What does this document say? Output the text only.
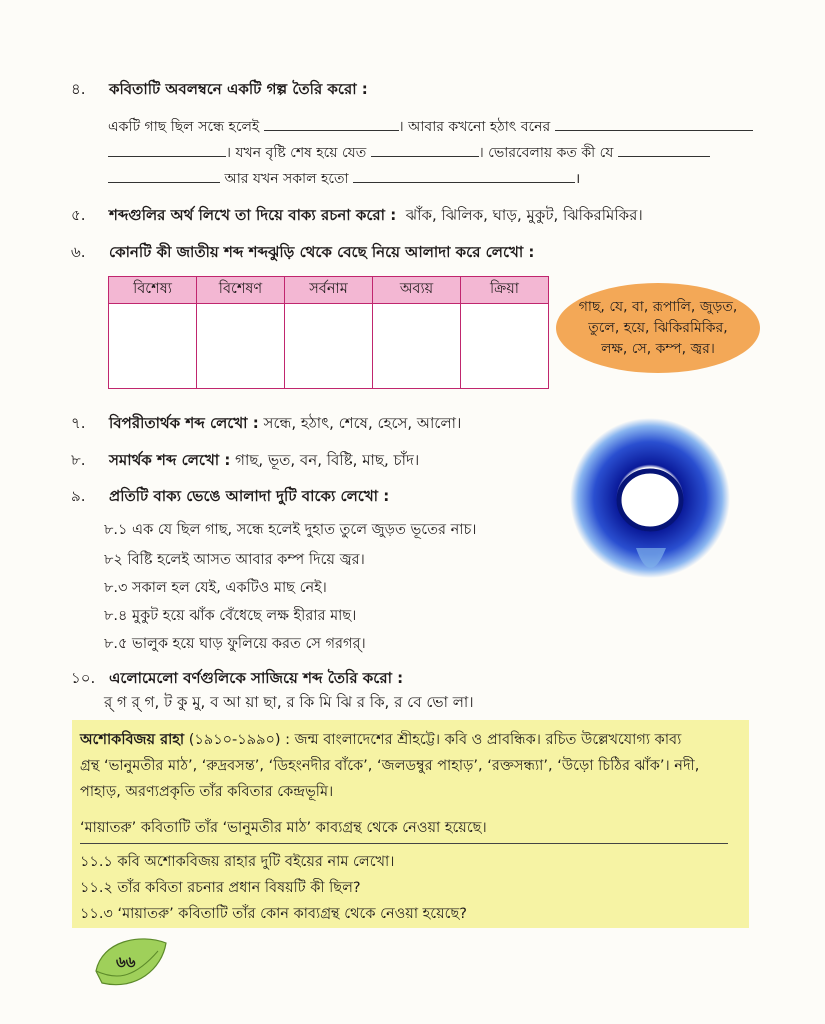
৪. কবিতাটি অবলম্বনে একটি গল্প তৈরি করো :
একটি গাছ ছিল সন্ধে হলেই	। আবার কখনো হঠাৎ বনের
। যখন বৃষ্টি শেষ হয়ে যেত	। ভোরবেলায় কত কী যে
আর যখন সকাল হতো	।
৫. শব্দগুলির অর্থ লিখে তা দিয়ে বাক্য রচনা করো : ঝাঁক, ঝিলিক, ঘাড়, মুকুট, ঝিকিরমিকির।
৬. কোনটি কী জাতীয় শব্দ শব্দঝুড়ি থেকে বেছে নিয়ে আলাদা করে লেখো :
বিশেষ্য	বিশেষণ	সর্বনাম	অব্যয়	ক্রিয়া

গাছ, যে, বা, রূপালি, জুড়ত,
তুলে, হয়ে, ঝিকিরমিকির,
লক্ষ, সে, কম্প, জ্বর।
৭. বিপরীতার্থক শব্দ লেখো : সন্ধে, হঠাৎ, শেষে, হেসে, আলো।
৮. সমার্থক শব্দ লেখো : গাছ, ভূত, বন, বিষ্টি, মাছ, চাঁদ।
৯. প্রতিটি বাক্য ভেঙে আলাদা দুটি বাক্যে লেখো :
৮.১ এক যে ছিল গাছ, সন্ধে হলেই দুহাত তুলে জুড়ত ভূতের নাচ।
৮২ বিষ্টি হলেই আসত আবার কম্প দিয়ে জ্বর।
৮.৩ সকাল হল যেই, একটিও মাছ নেই।
৮.৪ মুকুট হয়ে ঝাঁক বেঁধেছে লক্ষ হীরার মাছ।
৮.৫ ভালুক হয়ে ঘাড় ফুলিয়ে করত সে গরগর্।
১০. এলোমেলো বর্ণগুলিকে সাজিয়ে শব্দ তৈরি করো :
র্ গ র্ গ, ট কু মু, ব আ য়া ছা, র কি মি ঝি র কি, র বে ভো লা।
অশোকবিজয় রাহা (১৯১০-১৯৯০) : জন্ম বাংলাদেশের শ্রীহট্টে। কবি ও প্রাবন্ধিক। রচিত উল্লেখযোগ্য কাব্য
গ্রন্থ ‘ভানুমতীর মাঠ’, ‘রুদ্রবসন্ত’, ‘ডিহংনদীর বাঁকে’, ‘জলডম্বুর পাহাড়’, ‘রক্তসন্ধ্যা’, ‘উড়ো চিঠির ঝাঁক’। নদী,
পাহাড়, অরণ্যপ্রকৃতি তাঁর কবিতার কেন্দ্রভূমি।
‘মায়াতরু’ কবিতাটি তাঁর ‘ভানুমতীর মাঠ’ কাব্যগ্রন্থ থেকে নেওয়া হয়েছে।
১১.১ কবি অশোকবিজয় রাহার দুটি বইয়ের নাম লেখো।
১১.২ তাঁর কবিতা রচনার প্রধান বিষয়টি কী ছিল?
১১.৩ ‘মায়াতরু’ কবিতাটি তাঁর কোন কাব্যগ্রন্থ থেকে নেওয়া হয়েছে?
৬৬
